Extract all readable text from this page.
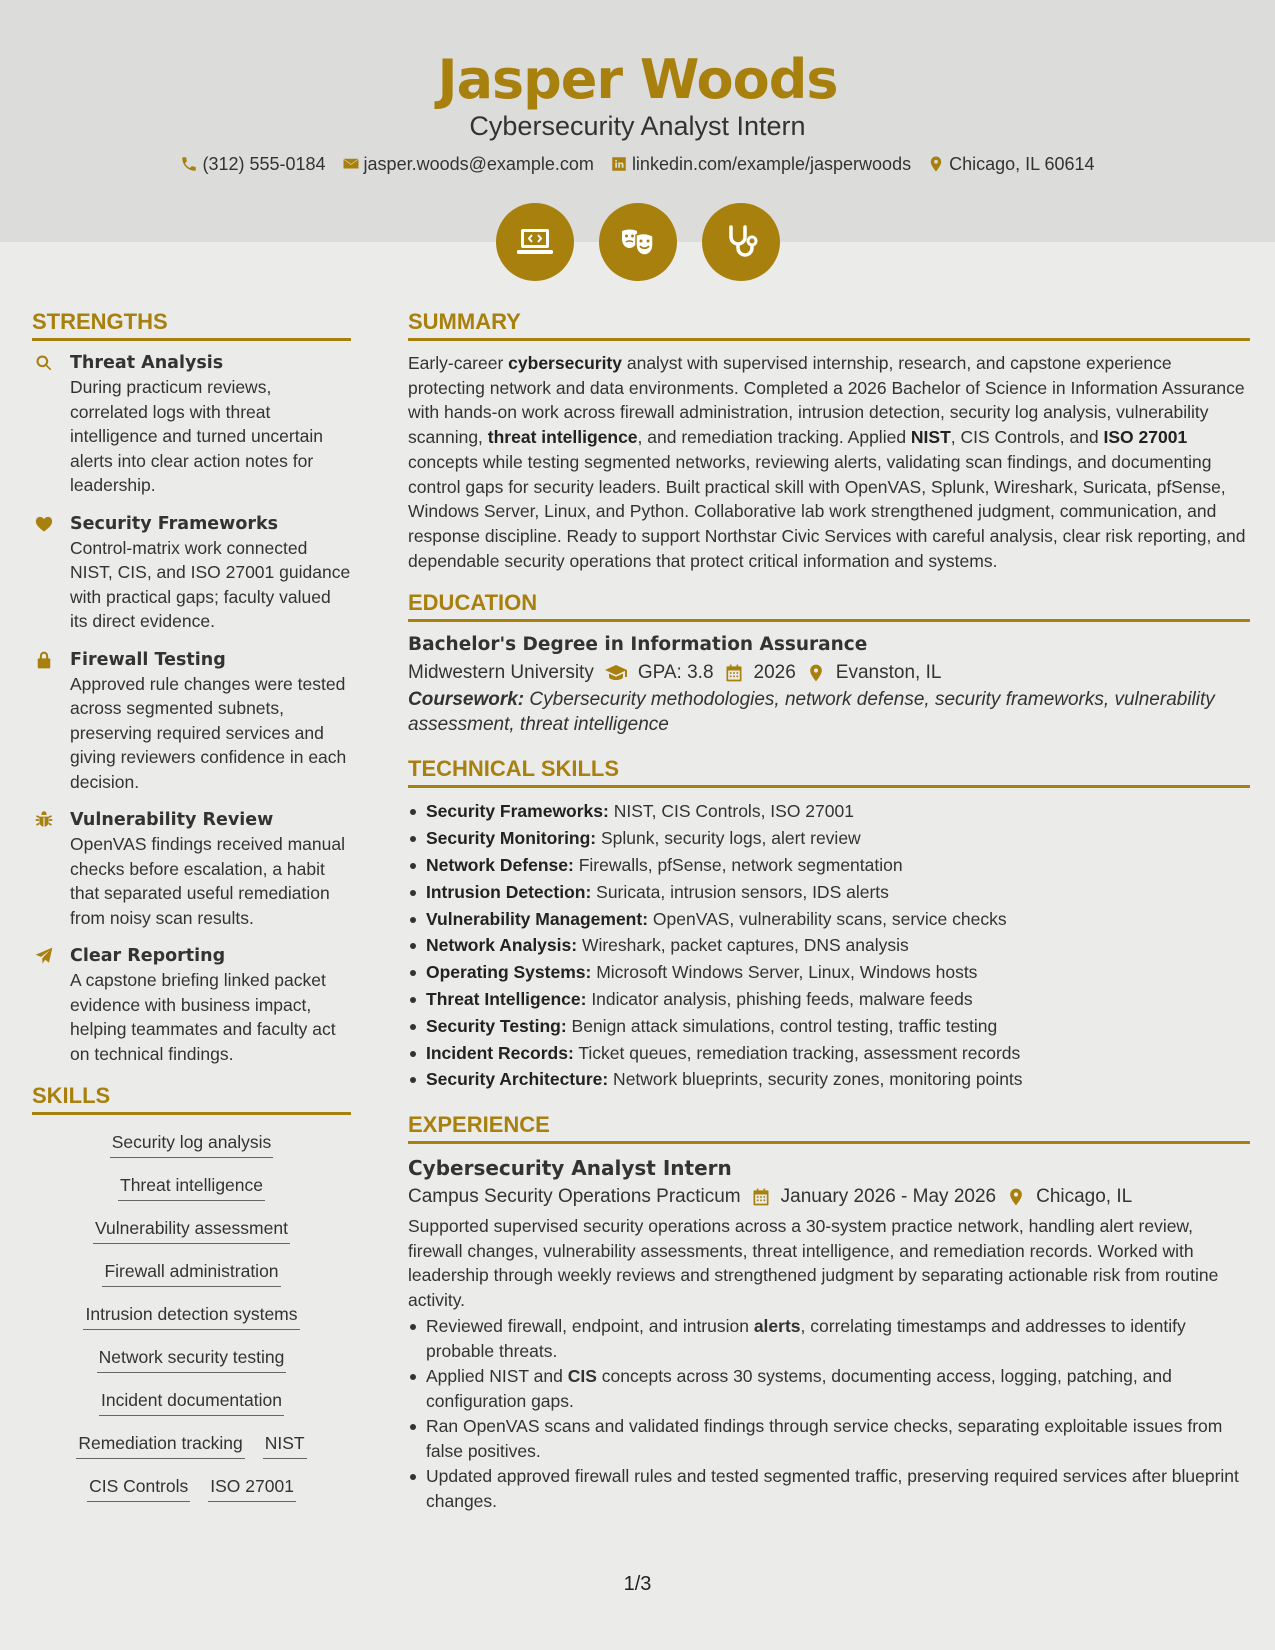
Jasper Woods
Cybersecurity Analyst Intern
(312) 555-0184 jasper.woods@example.com linkedin.com/example/jasperwoods Chicago, IL 60614
STRENGTHS
Threat Analysis
During practicum reviews, correlated logs with threat intelligence and turned uncertain alerts into clear action notes for leadership.
Security Frameworks
Control-matrix work connected NIST, CIS, and ISO 27001 guidance with practical gaps; faculty valued its direct evidence.
Firewall Testing
Approved rule changes were tested across segmented subnets, preserving required services and giving reviewers confidence in each decision.
Vulnerability Review
OpenVAS findings received manual checks before escalation, a habit that separated useful remediation from noisy scan results.
Clear Reporting
A capstone briefing linked packet evidence with business impact, helping teammates and faculty act on technical findings.
SKILLS
Security log analysis
Threat intelligence
Vulnerability assessment
Firewall administration
Intrusion detection systems
Network security testing
Incident documentation
Remediation tracking NIST
CIS Controls ISO 27001
SUMMARY

Early-career cybersecurity analyst with supervised internship, research, and capstone experience protecting network and data environments. Completed a 2026 Bachelor of Science in Information Assurance with hands-on work across firewall administration, intrusion detection, security log analysis, vulnerability scanning, threat intelligence, and remediation tracking. Applied NIST, CIS Controls, and ISO 27001 concepts while testing segmented networks, reviewing alerts, validating scan findings, and documenting control gaps for security leaders. Built practical skill with OpenVAS, Splunk, Wireshark, Suricata, pfSense, Windows Server, Linux, and Python. Collaborative lab work strengthened judgment, communication, and response discipline. Ready to support Northstar Civic Services with careful analysis, clear risk reporting, and dependable security operations that protect critical information and systems.

EDUCATION
Bachelor's Degree in Information Assurance
Midwestern University GPA: 3.8 2026 Evanston, IL

Coursework: Cybersecurity methodologies, network defense, security frameworks, vulnerability assessment, threat intelligence

TECHNICAL SKILLS
Security Frameworks: NIST, CIS Controls, ISO 27001
Security Monitoring: Splunk, security logs, alert review
Network Defense: Firewalls, pfSense, network segmentation
Intrusion Detection: Suricata, intrusion sensors, IDS alerts
Vulnerability Management: OpenVAS, vulnerability scans, service checks
Network Analysis: Wireshark, packet captures, DNS analysis
Operating Systems: Microsoft Windows Server, Linux, Windows hosts
Threat Intelligence: Indicator analysis, phishing feeds, malware feeds
Security Testing: Benign attack simulations, control testing, traffic testing
Incident Records: Ticket queues, remediation tracking, assessment records
Security Architecture: Network blueprints, security zones, monitoring points
EXPERIENCE
Cybersecurity Analyst Intern
Campus Security Operations Practicum January 2026 - May 2026 Chicago, IL

Supported supervised security operations across a 30-system practice network, handling alert review, firewall changes, vulnerability assessments, threat intelligence, and remediation records. Worked with leadership through weekly reviews and strengthened judgment by separating actionable risk from routine activity.

Reviewed firewall, endpoint, and intrusion alerts, correlating timestamps and addresses to identify probable threats.
Applied NIST and CIS concepts across 30 systems, documenting access, logging, patching, and configuration gaps.
Ran OpenVAS scans and validated findings through service checks, separating exploitable issues from false positives.
Updated approved firewall rules and tested segmented traffic, preserving required services after blueprint changes.
1/3
